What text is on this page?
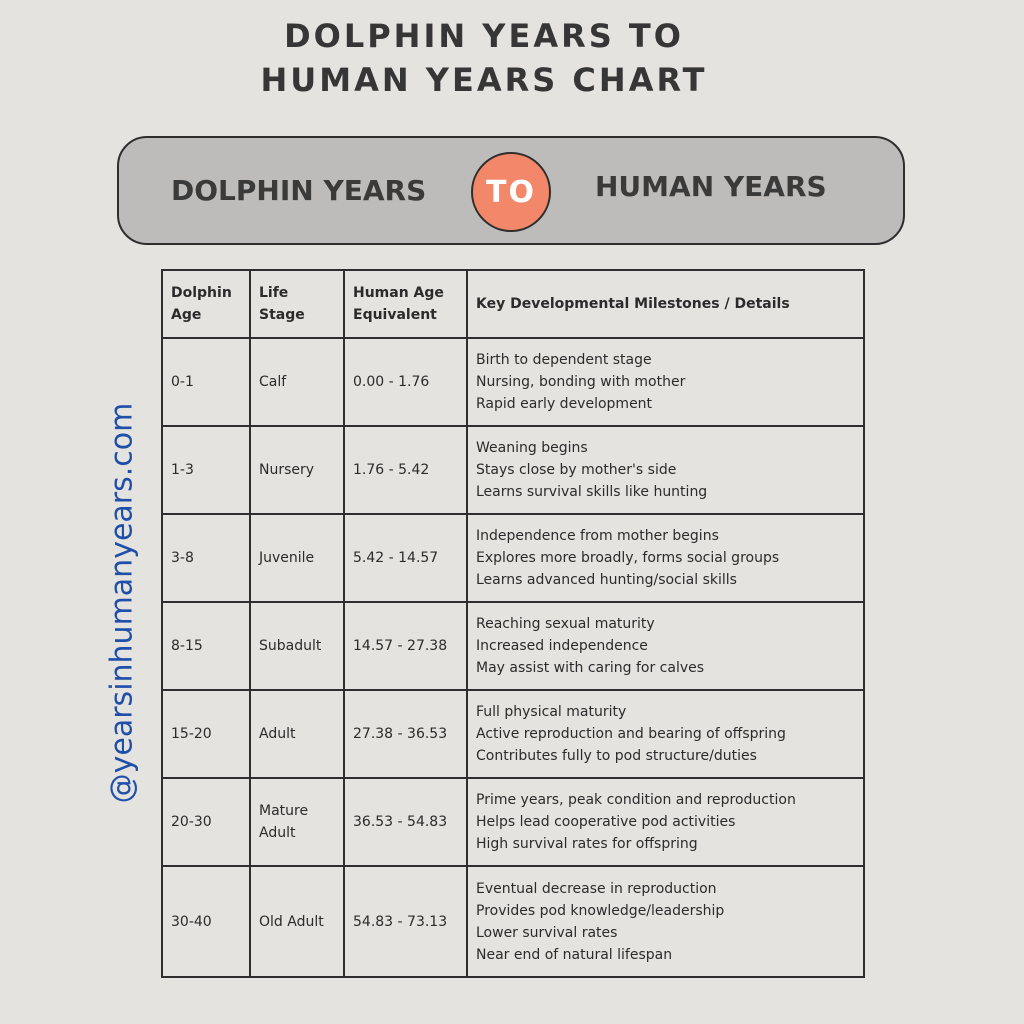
DOLPHIN YEARS TO
HUMAN YEARS CHART
DOLPHIN YEARS TO HUMAN YEARS
@yearsinhumanyears.com
Dolphin Age	Life Stage	Human Age Equivalent	Key Developmental Milestones / Details
0-1	Calf	0.00 - 1.76	Birth to dependent stage
Nursing, bonding with mother
Rapid early development

1-3	Nursery	1.76 - 5.42	Weaning begins
Stays close by mother's side
Learns survival skills like hunting

3-8	Juvenile	5.42 - 14.57	Independence from mother begins
Explores more broadly, forms social groups
Learns advanced hunting/social skills

8-15	Subadult	14.57 - 27.38	Reaching sexual maturity
Increased independence
May assist with caring for calves

15-20	Adult	27.38 - 36.53	Full physical maturity
Active reproduction and bearing of offspring
Contributes fully to pod structure/duties

20-30	Mature Adult	36.53 - 54.83	Prime years, peak condition and reproduction
Helps lead cooperative pod activities
High survival rates for offspring

30-40	Old Adult	54.83 - 73.13	Eventual decrease in reproduction
Provides pod knowledge/leadership
Lower survival rates
Near end of natural lifespan
